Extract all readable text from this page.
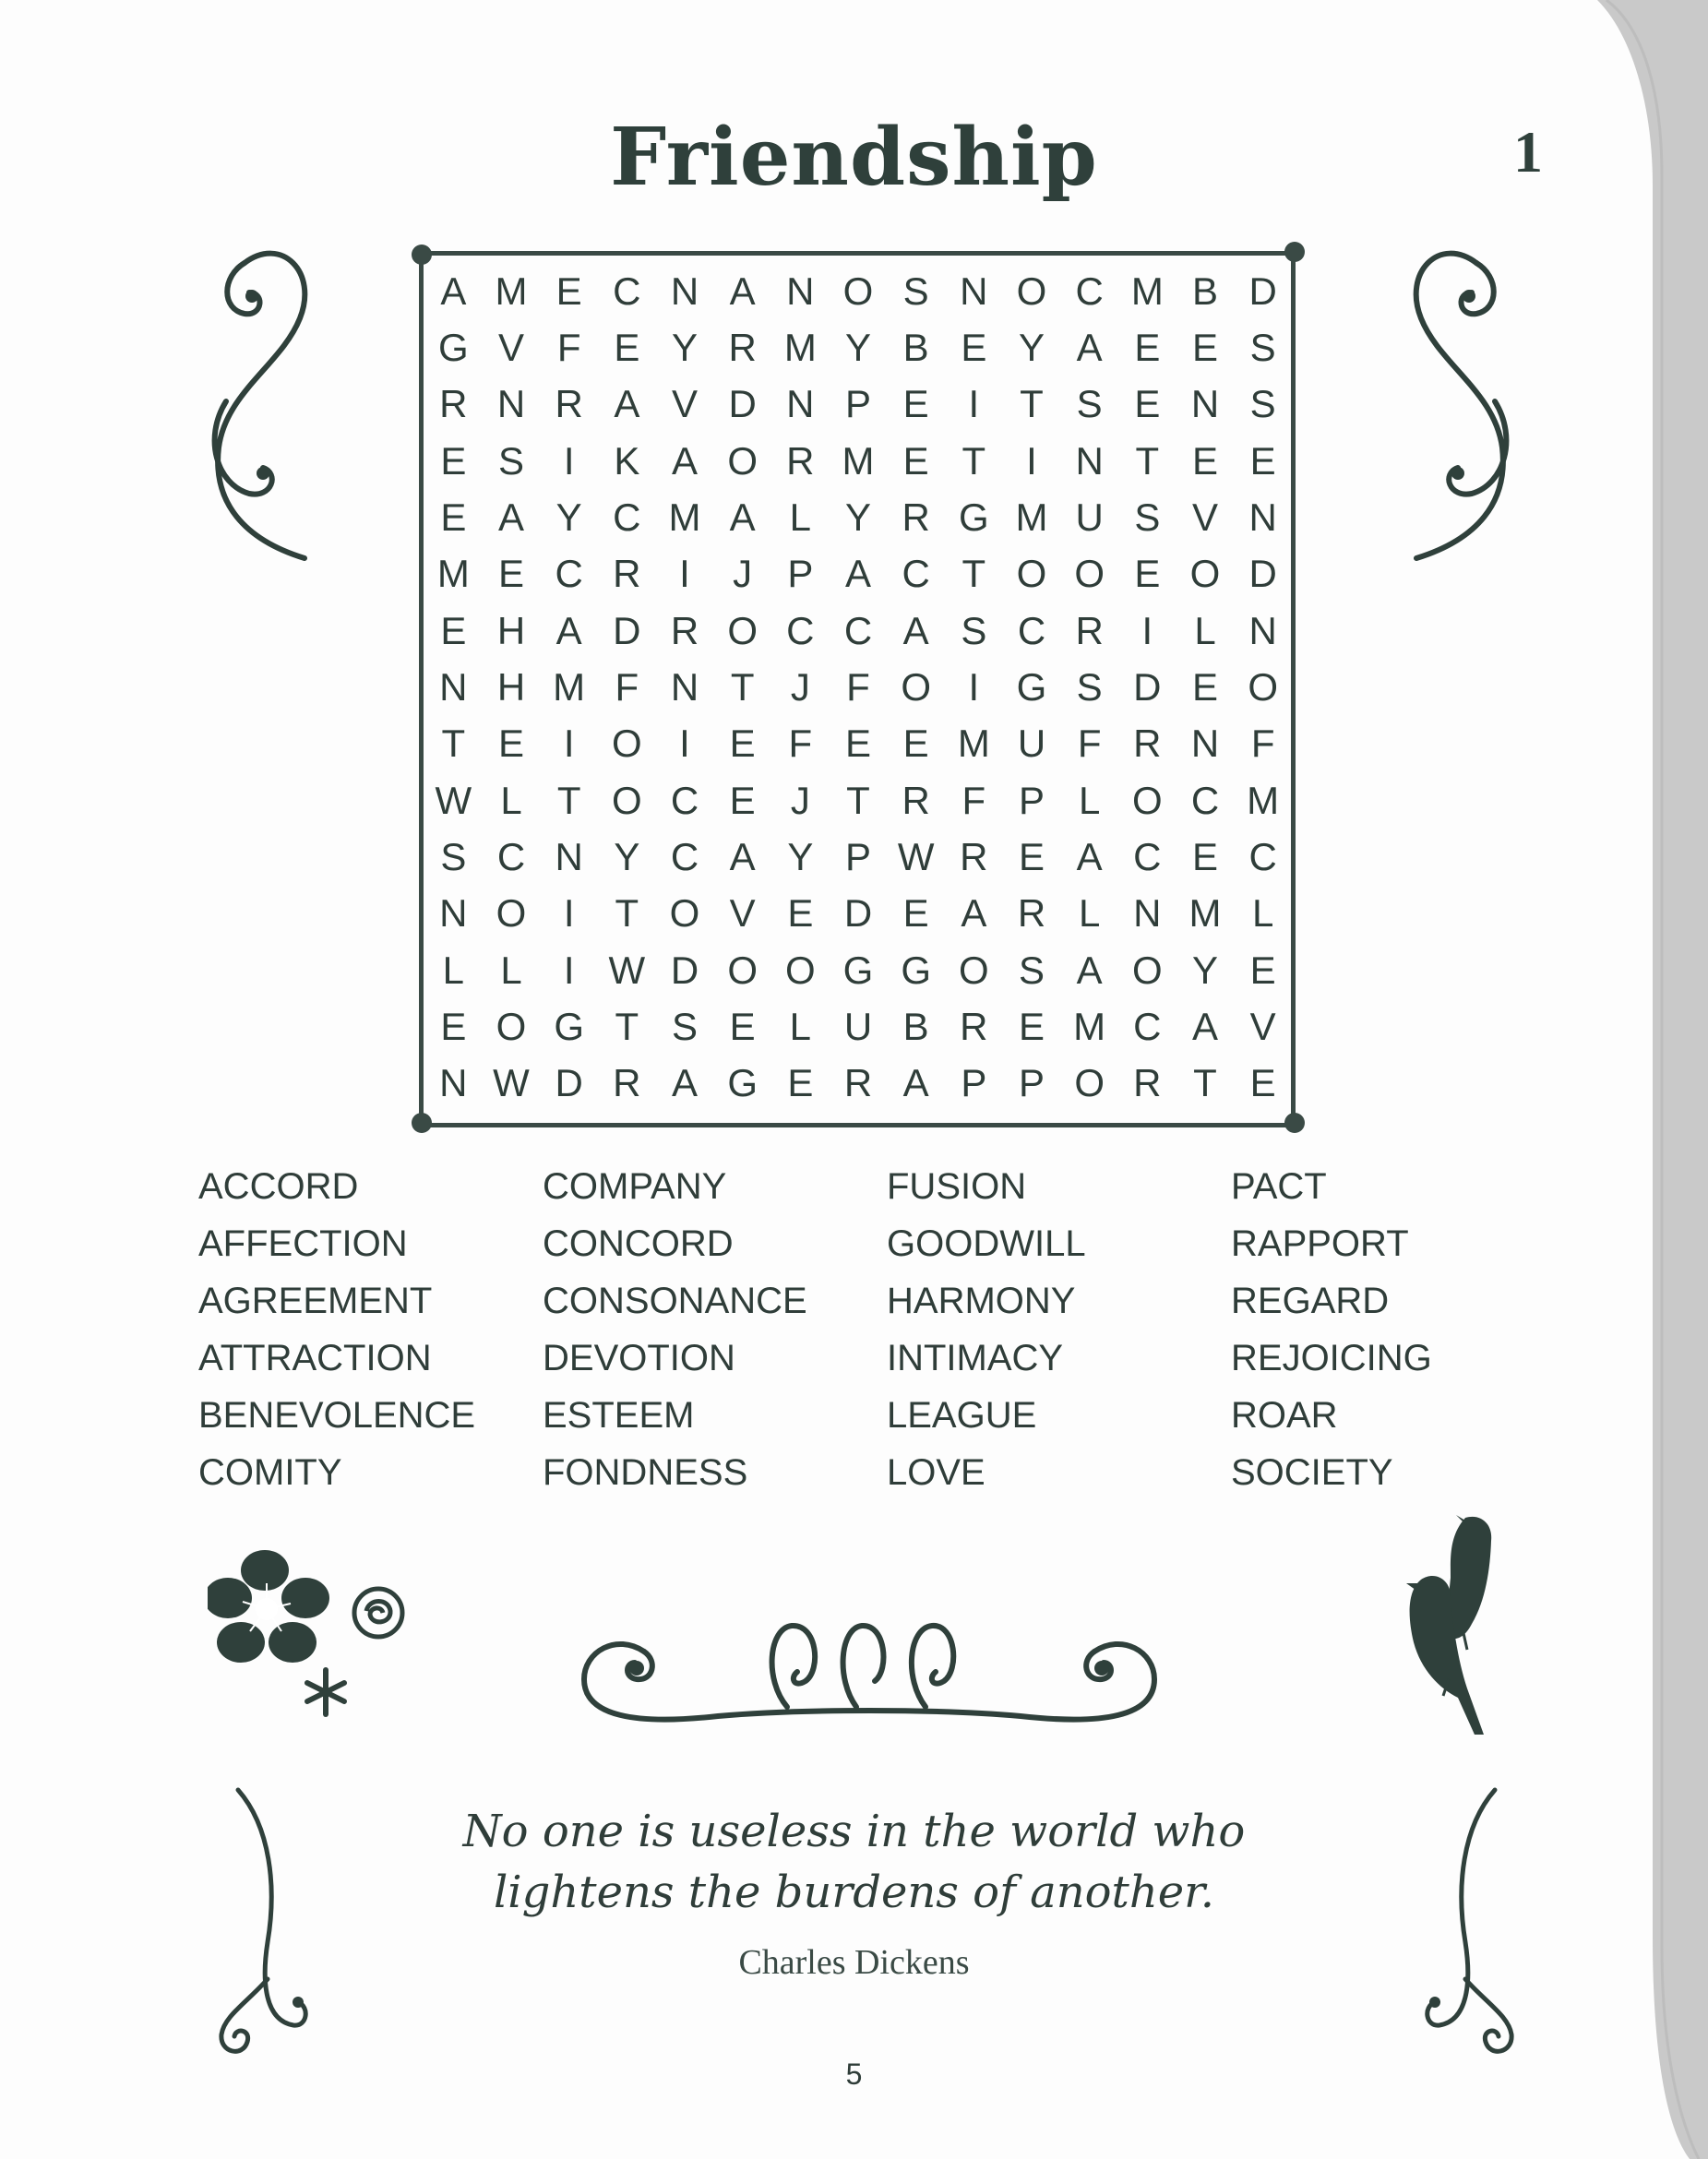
Friendship	1
A M E C N A N O S N O C M B D
G V F E Y R M Y B E Y A E E S
R N R A V D N P E	I	T S E N S
E S	I	K A O R M E T	I N T E E
E A Y C M A L Y R G M U S V N
M E C R I	J P A C T O O E O D
E H A D R O C C A S C R I	L N
N H M F N T J F O I G S D E O
T E	I O I	E F E E M U F R N F
W L T O C E J T R F P L O C M
S C N Y C A Y P W R E A C E C
N O I	T O V E D E A R L N M L
L L	I W D O O G G O S A O Y E
E O G T S E L U B R E M C A V
N W D R A G E R A P P O R T E
ACCORD
AFFECTION
AGREEMENT
ATTRACTION
BENEVOLENCE
COMITY
COMPANY
CONCORD
CONSONANCE
DEVOTION
ESTEEM
FONDNESS
FUSION
GOODWILL
HARMONY
INTIMACY
LEAGUE
LOVE
PACT
RAPPORT
REGARD
REJOICING
ROAR
SOCIETY
No one is useless in the world who
lightens the burdens of another.
Charles Dickens
5
